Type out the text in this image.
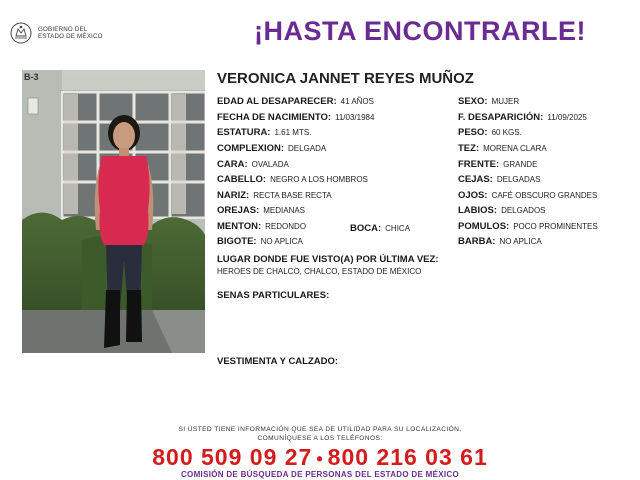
GOBIERNO DEL
ESTADO DE MÉXICO	¡HASTA ENCONTRARLE!
B-3	VERONICA JANNET REYES MUÑOZ
EDAD AL DESAPARECER: 41 AÑOS
FECHA DE NACIMIENTO: 11/03/1984
ESTATURA: 1.61 MTS.
COMPLEXION: DELGADA
CARA: OVALADA
CABELLO: NEGRO A LOS HOMBROS
NARIZ: RECTA BASE RECTA
OREJAS: MEDIANAS
MENTON: REDONDO
BIGOTE: NO APLICA
BOCA: CHICA
SEXO: MUJER
F. DESAPARICIÓN: 11/09/2025
PESO: 60 KGS.
TEZ: MORENA CLARA
FRENTE: GRANDE
CEJAS: DELGADAS
OJOS: CAFÉ OBSCURO GRANDES
LABIOS: DELGADOS
POMULOS: POCO PROMINENTES
BARBA: NO APLICA
LUGAR DONDE FUE VISTO(A) POR ÚLTIMA VEZ:
HEROES DE CHALCO, CHALCO, ESTADO DE MÉXICO
SENAS PARTICULARES:
VESTIMENTA Y CALZADO:
SI USTED TIENE INFORMACIÓN QUE SEA DE UTILIDAD PARA SU LOCALIZACIÓN,
COMUNÍQUESE A LOS TELÉFONOS:
800 509 09 27 • 800 216 03 61
COMISIÓN DE BÚSQUEDA DE PERSONAS DEL ESTADO DE MÉXICO
